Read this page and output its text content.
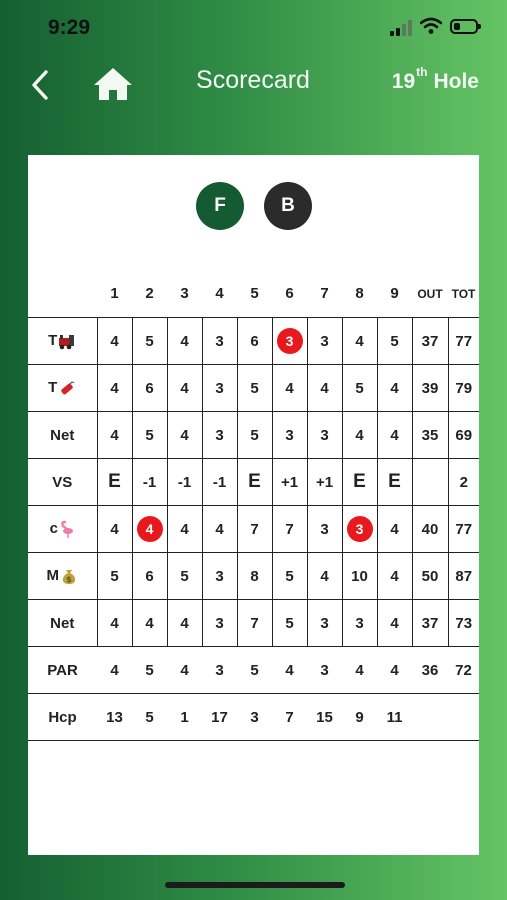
9:29
Scorecard	19th Hole
F	B
	1	2	3	4	5	6	7	8	9	OUT	TOT
T	4	5	4	3	6	3	3	4	5	37	77
T	4	6	4	3	5	4	4	5	4	39	79
Net	4	5	4	3	5	3	3	4	4	35	69
VS	E	-1	-1	-1	E	+1	+1	E	E		2
c	4	4	4	4	7	7	3	3	4	40	77
M $	5	6	5	3	8	5	4	10	4	50	87
Net	4	4	4	3	7	5	3	3	4	37	73
PAR	4	5	4	3	5	4	3	4	4	36	72
Hcp	13	5	1	17	3	7	15	9	11		
